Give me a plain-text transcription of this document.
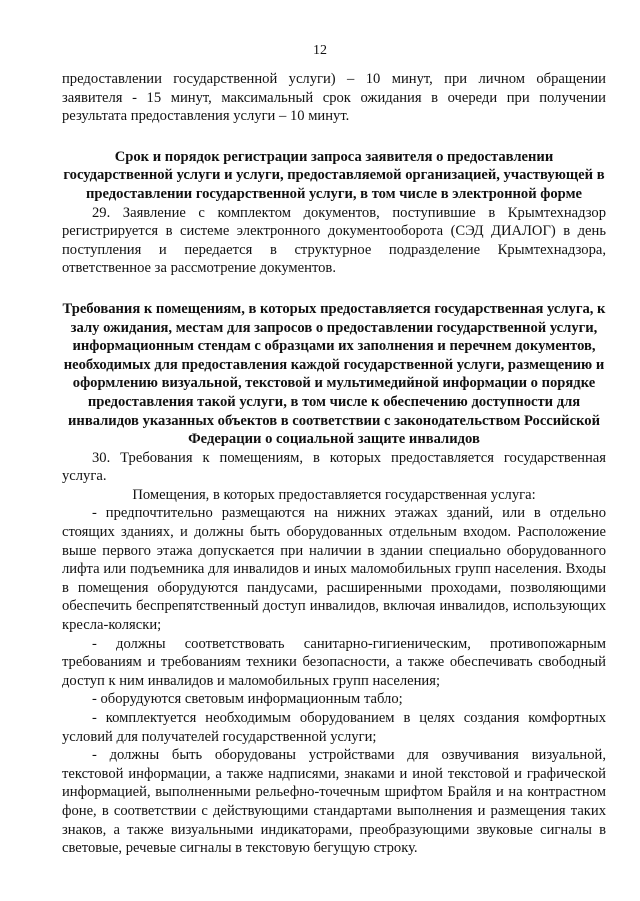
12

предоставлении государственной услуги) – 10 минут, при личном обращении заявителя - 15 минут, максимальный срок ожидания в очереди при получении результата предоставления услуги – 10 минут.

Срок и порядок регистрации запроса заявителя о предоставлении государственной услуги и услуги, предоставляемой организацией, участвующей в предоставлении государственной услуги, в том числе в электронной форме

29. Заявление с комплектом документов, поступившие в Крымтехнадзор регистрируется в системе электронного документооборота (СЭД ДИАЛОГ) в день поступления и передается в структурное подразделение Крымтехнадзора, ответственное за рассмотрение документов.

Требования к помещениям, в которых предоставляется государственная услуга, к залу ожидания, местам для запросов о предоставлении государственной услуги, информационным стендам с образцами их заполнения и перечнем документов, необходимых для предоставления каждой государственной услуги, размещению и оформлению визуальной, текстовой и мультимедийной информации о порядке предоставления такой услуги, в том числе к обеспечению доступности для инвалидов указанных объектов в соответствии с законодательством Российской Федерации о социальной защите инвалидов

30. Требования к помещениям, в которых предоставляется государственная услуга.

Помещения, в которых предоставляется государственная услуга:

- предпочтительно размещаются на нижних этажах зданий, или в отдельно стоящих зданиях, и должны быть оборудованных отдельным входом. Расположение выше первого этажа допускается при наличии в здании специально оборудованного лифта или подъемника для инвалидов и иных маломобильных групп населения. Входы в помещения оборудуются пандусами, расширенными проходами, позволяющими обеспечить беспрепятственный доступ инвалидов, включая инвалидов, использующих кресла-коляски;

- должны соответствовать санитарно-гигиеническим, противопожарным требованиям и требованиям техники безопасности, а также обеспечивать свободный доступ к ним инвалидов и маломобильных групп населения;

- оборудуются световым информационным табло;

- комплектуется необходимым оборудованием в целях создания комфортных условий для получателей государственной услуги;

- должны быть оборудованы устройствами для озвучивания визуальной, текстовой информации, а также надписями, знаками и иной текстовой и графической информацией, выполненными рельефно-точечным шрифтом Брайля и на контрастном фоне, в соответствии с действующими стандартами выполнения и размещения таких знаков, а также визуальными индикаторами, преобразующими звуковые сигналы в световые, речевые сигналы в текстовую бегущую строку.
